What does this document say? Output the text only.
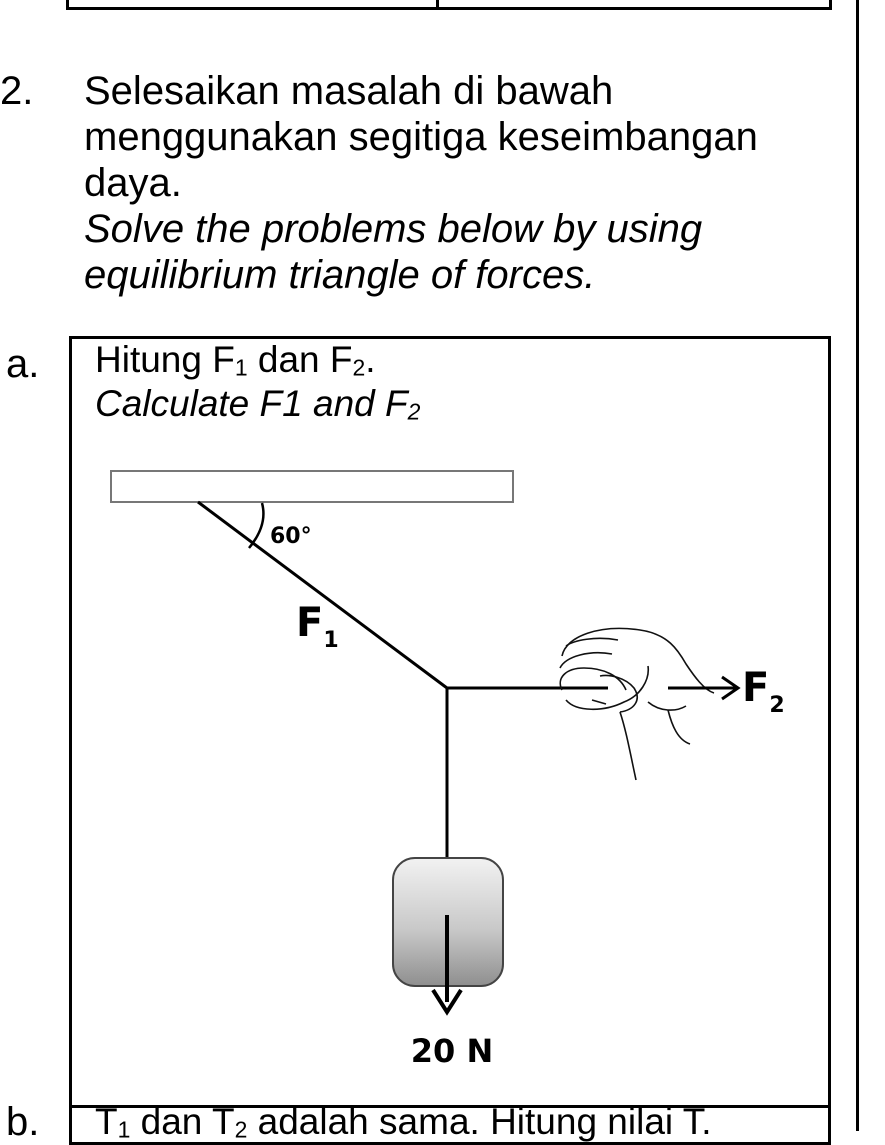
2. Selesaikan masalah di bawah
menggunakan segitiga keseimbangan
daya.
Solve the problems below by using
equilibrium triangle of forces.
a. Hitung $F_1$ dan $F_2$.
Calculate F1 and $F_2$
60°
$F_1$
$F_2$
20 N
b. $T_1$ dan $T_2$ adalah sama. Hitung nilai T.
